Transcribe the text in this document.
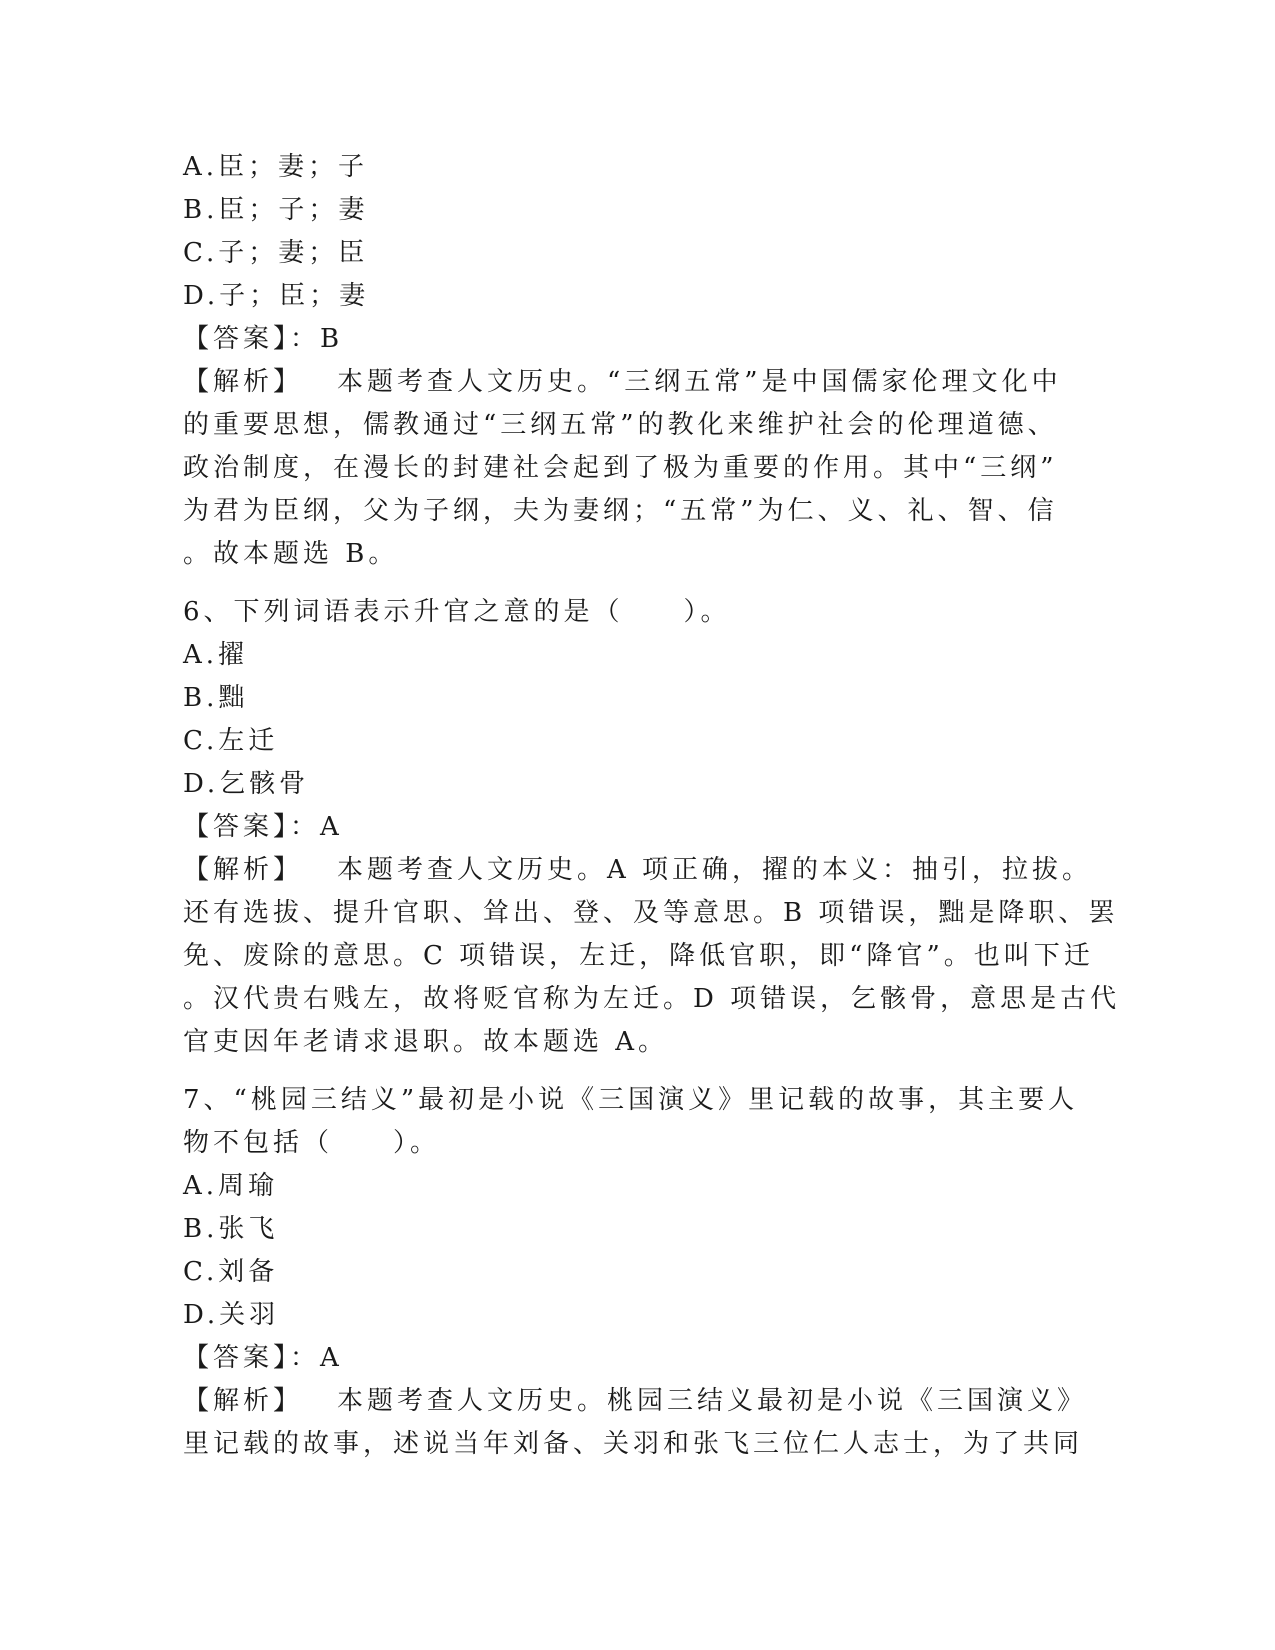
A.臣；妻；子
B.臣；子；妻
C.子；妻；臣
D.子；臣；妻
【答案】：B
【解析】 本题考查人文历史。“三纲五常”是中国儒家伦理文化中
的重要思想，儒教通过“三纲五常”的教化来维护社会的伦理道德、
政治制度，在漫长的封建社会起到了极为重要的作用。其中“三纲”
为君为臣纲，父为子纲，夫为妻纲；“五常”为仁、义、礼、智、信
。故本题选 B。
6、下列词语表示升官之意的是（　　）。
A.擢
B.黜
C.左迁
D.乞骸骨
【答案】：A
【解析】 本题考查人文历史。A 项正确，擢的本义：抽引，拉拔。
还有选拔、提升官职、耸出、登、及等意思。B 项错误，黜是降职、罢
免、废除的意思。C 项错误，左迁，降低官职，即“降官”。也叫下迁
。汉代贵右贱左，故将贬官称为左迁。D 项错误，乞骸骨，意思是古代
官吏因年老请求退职。故本题选 A。
7、“桃园三结义”最初是小说《三国演义》里记载的故事，其主要人
物不包括（　　）。
A.周瑜
B.张飞
C.刘备
D.关羽
【答案】：A
【解析】 本题考查人文历史。桃园三结义最初是小说《三国演义》
里记载的故事，述说当年刘备、关羽和张飞三位仁人志士，为了共同
